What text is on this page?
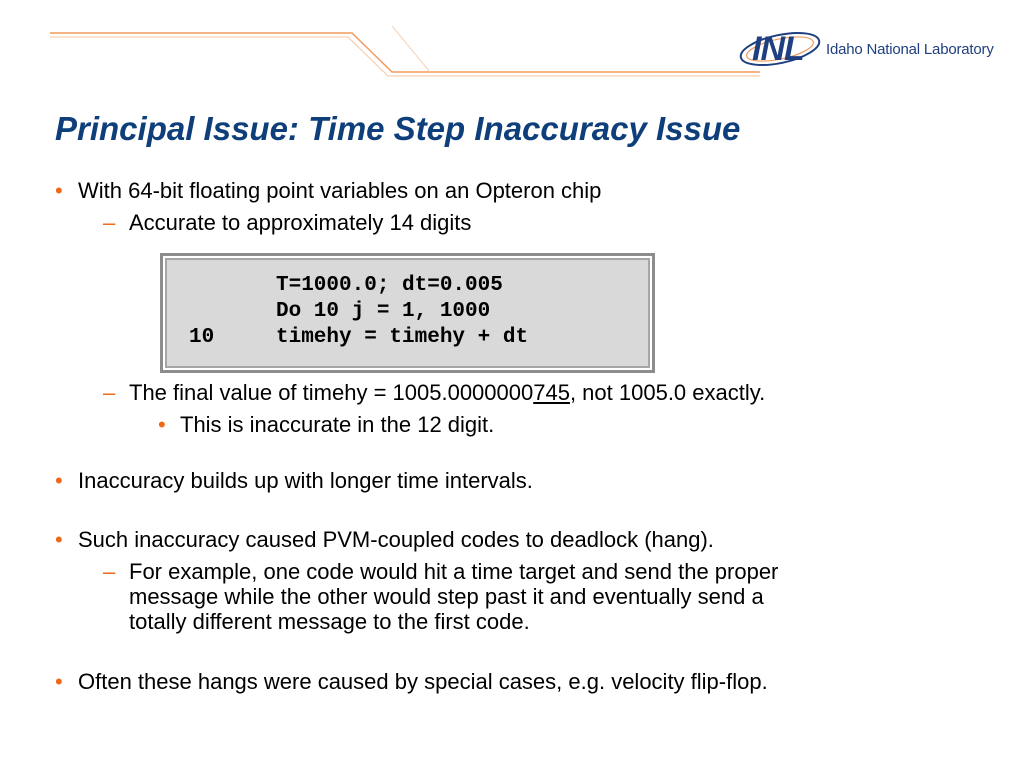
INL Idaho National Laboratory
Principal Issue: Time Step Inaccuracy Issue
• With 64-bit floating point variables on an Opteron chip
– Accurate to approximately 14 digits
T=1000.0; dt=0.005
Do 10 j = 1, 1000
10	timehy = timehy + dt
– The final value of timehy = 1005.0000000745, not 1005.0 exactly.
• This is inaccurate in the 12 digit.
• Inaccuracy builds up with longer time intervals.
• Such inaccuracy caused PVM-coupled codes to deadlock (hang).
– For example, one code would hit a time target and send the proper
message while the other would step past it and eventually send a
totally different message to the first code.
• Often these hangs were caused by special cases, e.g. velocity flip-flop.
